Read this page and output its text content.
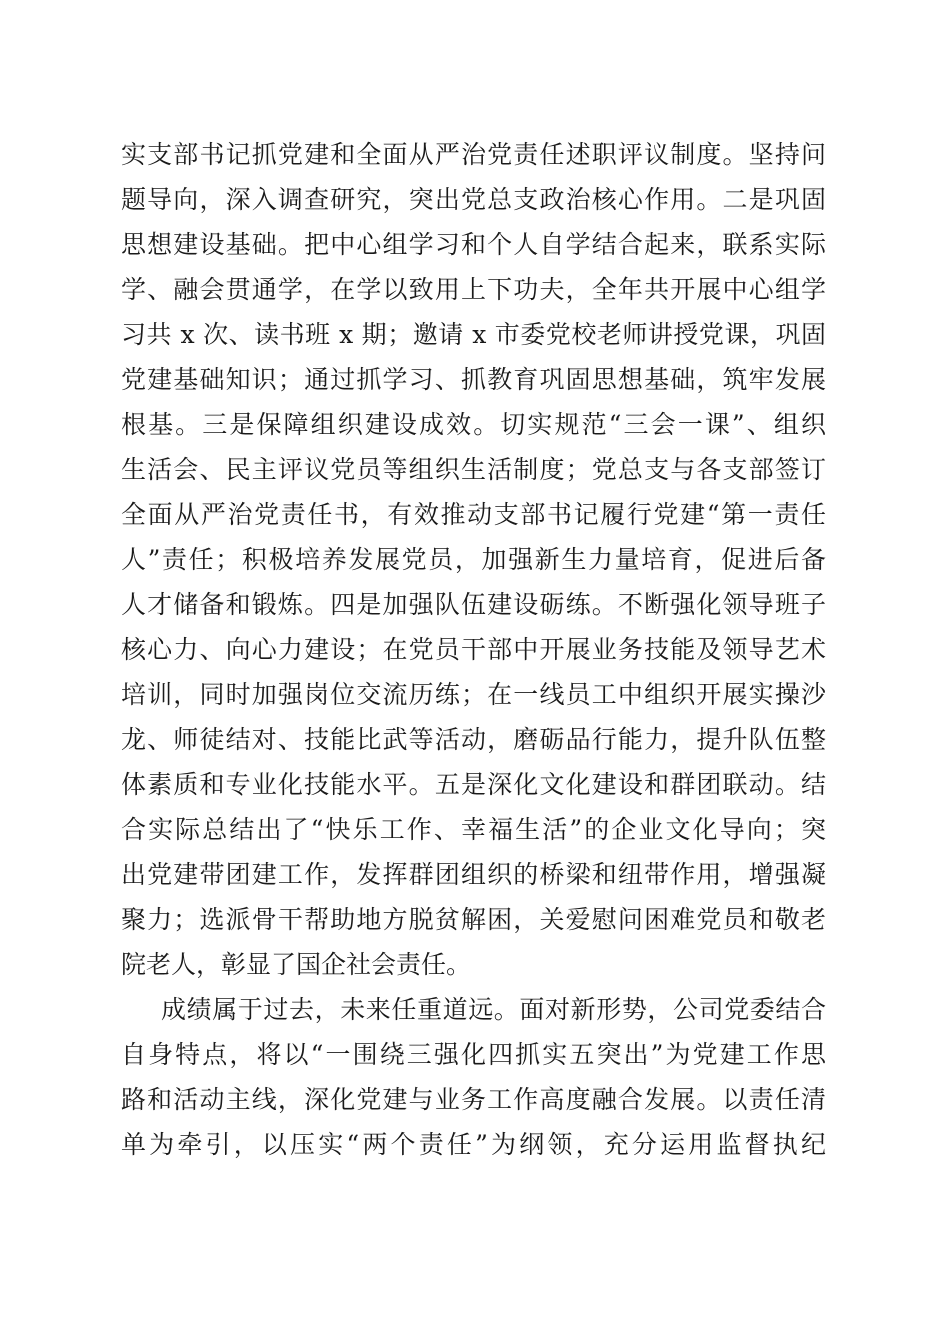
实支部书记抓党建和全面从严治党责任述职评议制度。坚持问
题导向，深入调查研究，突出党总支政治核心作用。二是巩固
思想建设基础。把中心组学习和个人自学结合起来，联系实际
学、融会贯通学，在学以致用上下功夫，全年共开展中心组学
习共 x 次、读书班 x 期；邀请 x 市委党校老师讲授党课，巩固
党建基础知识；通过抓学习、抓教育巩固思想基础，筑牢发展
根基。三是保障组织建设成效。切实规范“三会一课”、组织
生活会、民主评议党员等组织生活制度；党总支与各支部签订
全面从严治党责任书，有效推动支部书记履行党建“第一责任
人”责任；积极培养发展党员，加强新生力量培育，促进后备
人才储备和锻炼。四是加强队伍建设砺练。不断强化领导班子
核心力、向心力建设；在党员干部中开展业务技能及领导艺术
培训，同时加强岗位交流历练；在一线员工中组织开展实操沙
龙、师徒结对、技能比武等活动，磨砺品行能力，提升队伍整
体素质和专业化技能水平。五是深化文化建设和群团联动。结
合实际总结出了“快乐工作、幸福生活”的企业文化导向；突
出党建带团建工作，发挥群团组织的桥梁和纽带作用，增强凝
聚力；选派骨干帮助地方脱贫解困，关爱慰问困难党员和敬老
院老人，彰显了国企社会责任。
成绩属于过去，未来任重道远。面对新形势，公司党委结合
自身特点，将以“一围绕三强化四抓实五突出”为党建工作思
路和活动主线，深化党建与业务工作高度融合发展。以责任清
单为牵引，以压实“两个责任”为纲领，充分运用监督执纪
